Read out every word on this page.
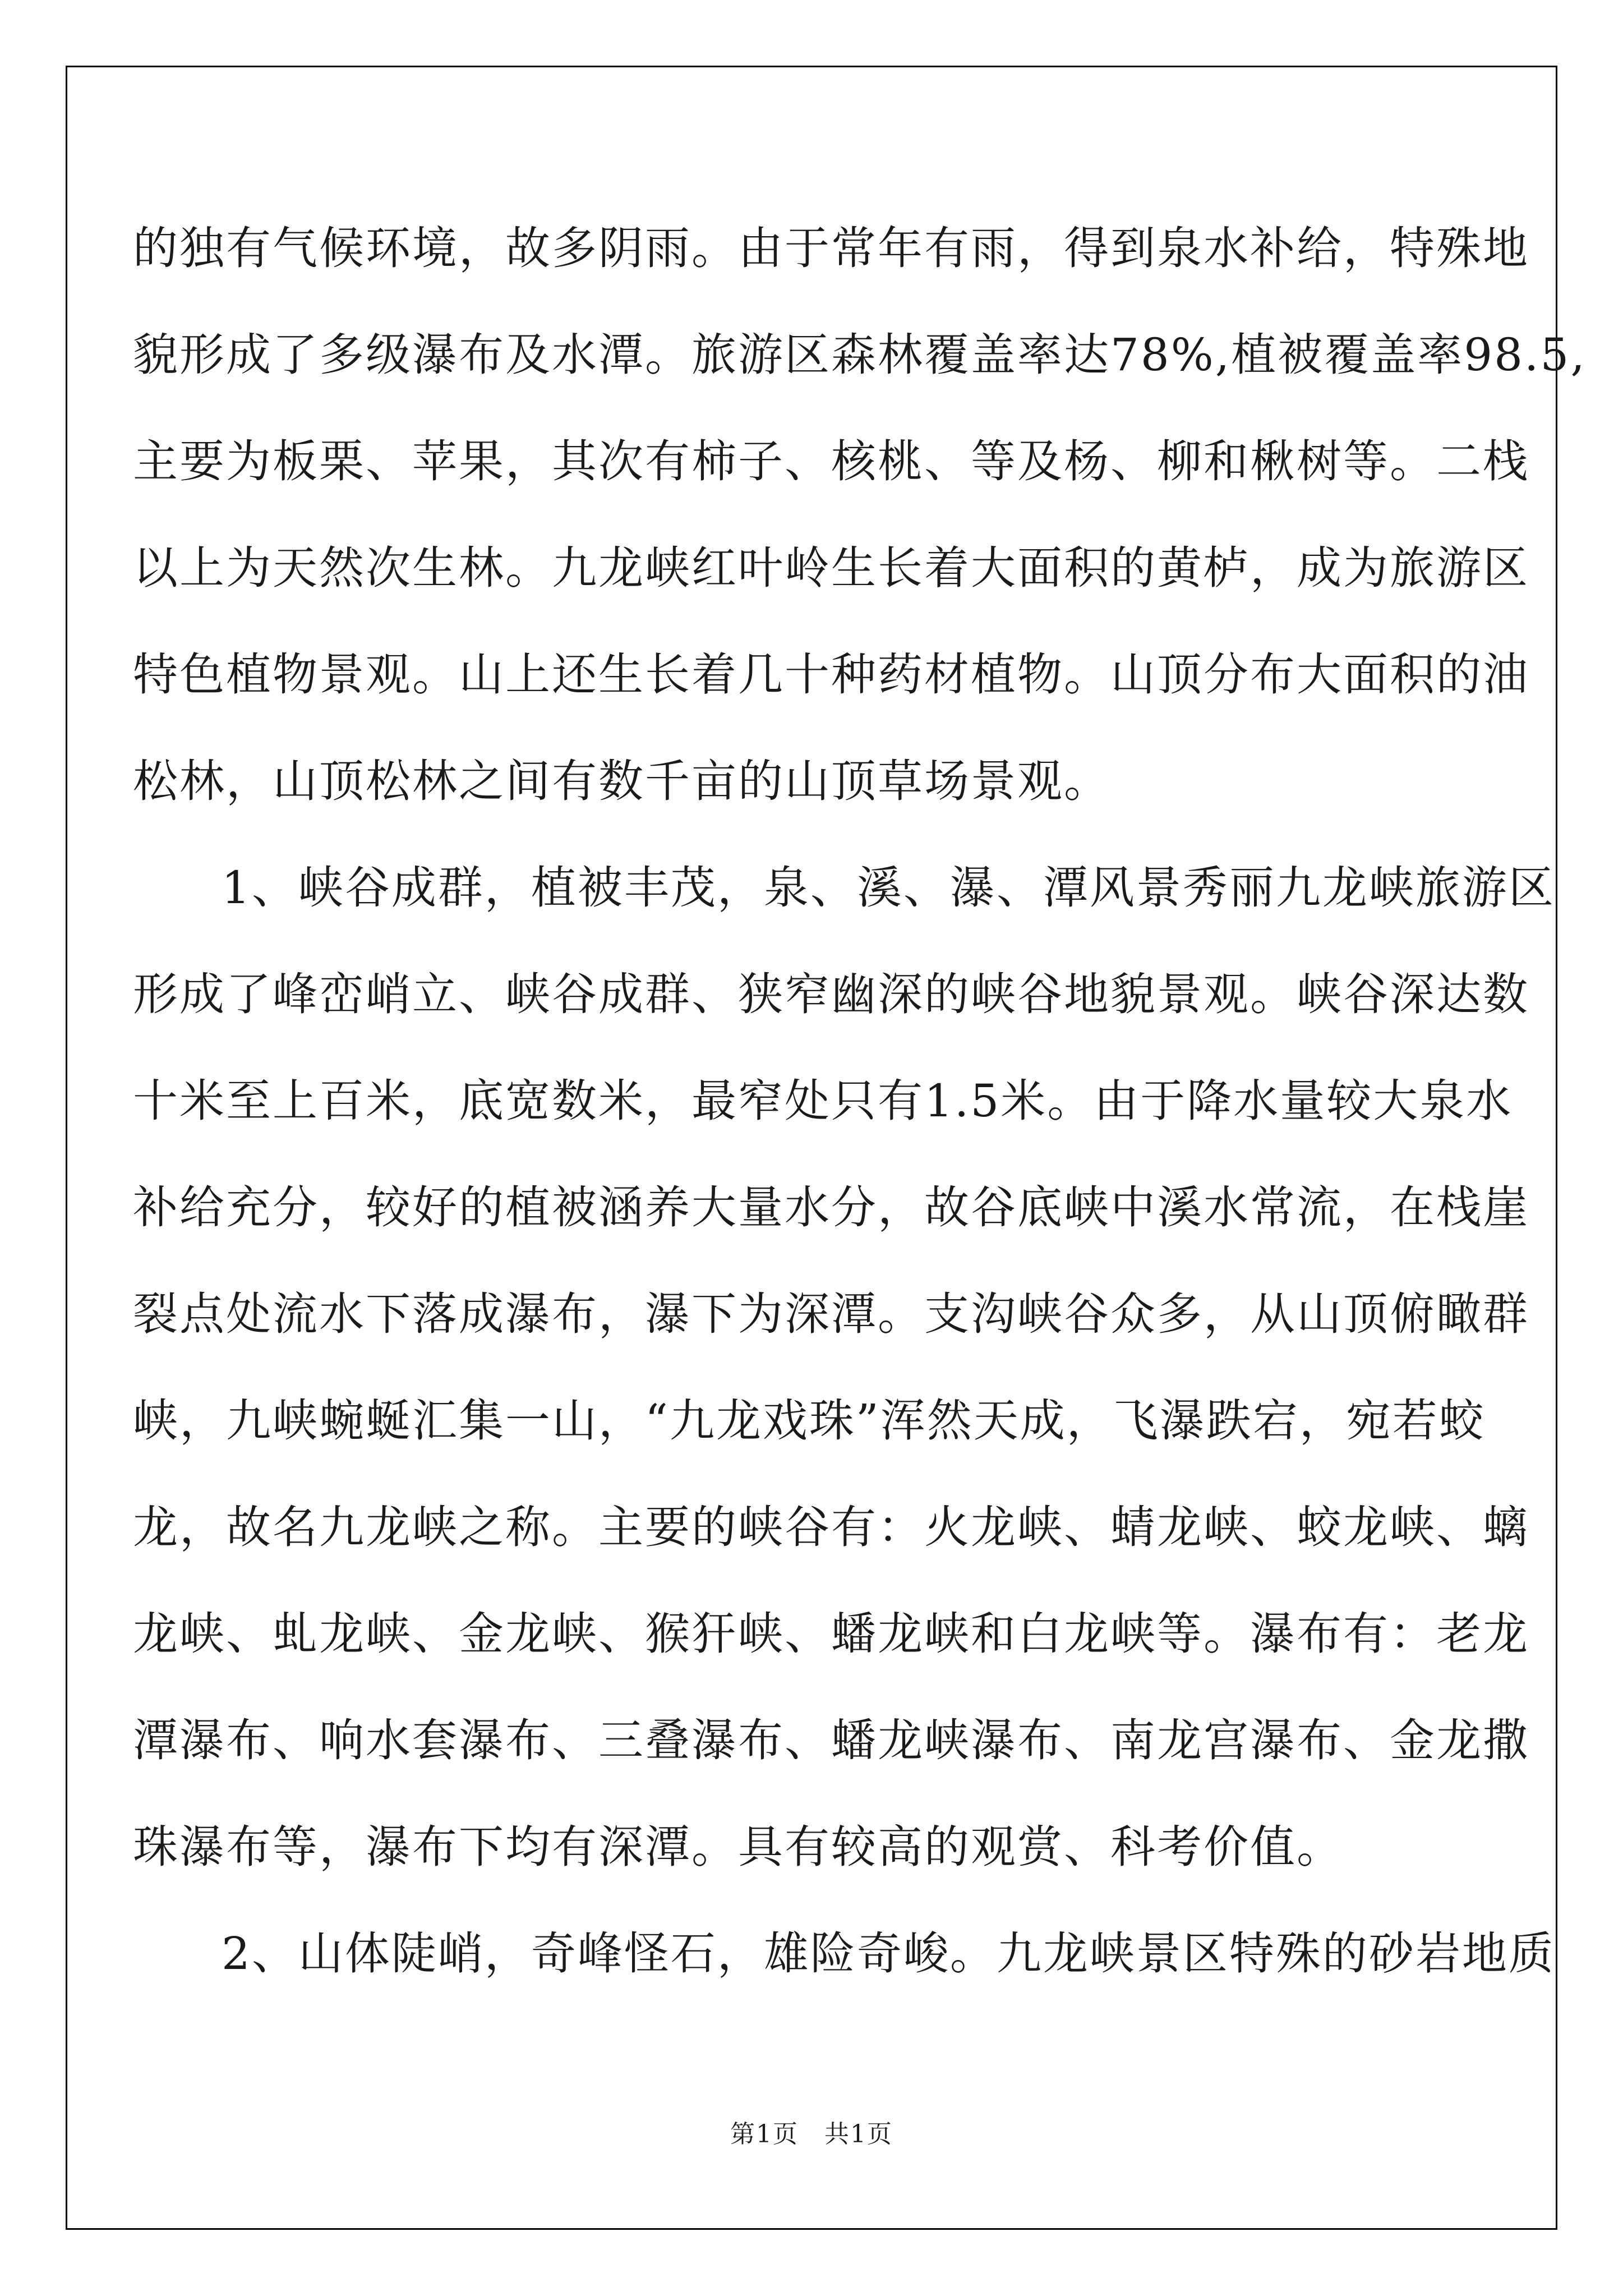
的独有气候环境，故多阴雨。由于常年有雨，得到泉水补给，特殊地
貌形成了多级瀑布及水潭。旅游区森林覆盖率达78%,植被覆盖率98.5,
主要为板栗、苹果，其次有柿子、核桃、等及杨、柳和楸树等。二栈
以上为天然次生林。九龙峡红叶岭生长着大面积的黄栌，成为旅游区
特色植物景观。山上还生长着几十种药材植物。山顶分布大面积的油
松林，山顶松林之间有数千亩的山顶草场景观。
1、峡谷成群，植被丰茂，泉、溪、瀑、潭风景秀丽九龙峡旅游区
形成了峰峦峭立、峡谷成群、狭窄幽深的峡谷地貌景观。峡谷深达数
十米至上百米，底宽数米，最窄处只有1.5米。由于降水量较大泉水
补给充分，较好的植被涵养大量水分，故谷底峡中溪水常流，在栈崖
裂点处流水下落成瀑布，瀑下为深潭。支沟峡谷众多，从山顶俯瞰群
峡，九峡蜿蜒汇集一山，“九龙戏珠”浑然天成，飞瀑跌宕，宛若蛟
龙，故名九龙峡之称。主要的峡谷有：火龙峡、蜻龙峡、蛟龙峡、螭
龙峡、虬龙峡、金龙峡、猴犴峡、蟠龙峡和白龙峡等。瀑布有：老龙
潭瀑布、响水套瀑布、三叠瀑布、蟠龙峡瀑布、南龙宫瀑布、金龙撒
珠瀑布等，瀑布下均有深潭。具有较高的观赏、科考价值。
2、山体陡峭，奇峰怪石，雄险奇峻。九龙峡景区特殊的砂岩地质
第1页　共1页
